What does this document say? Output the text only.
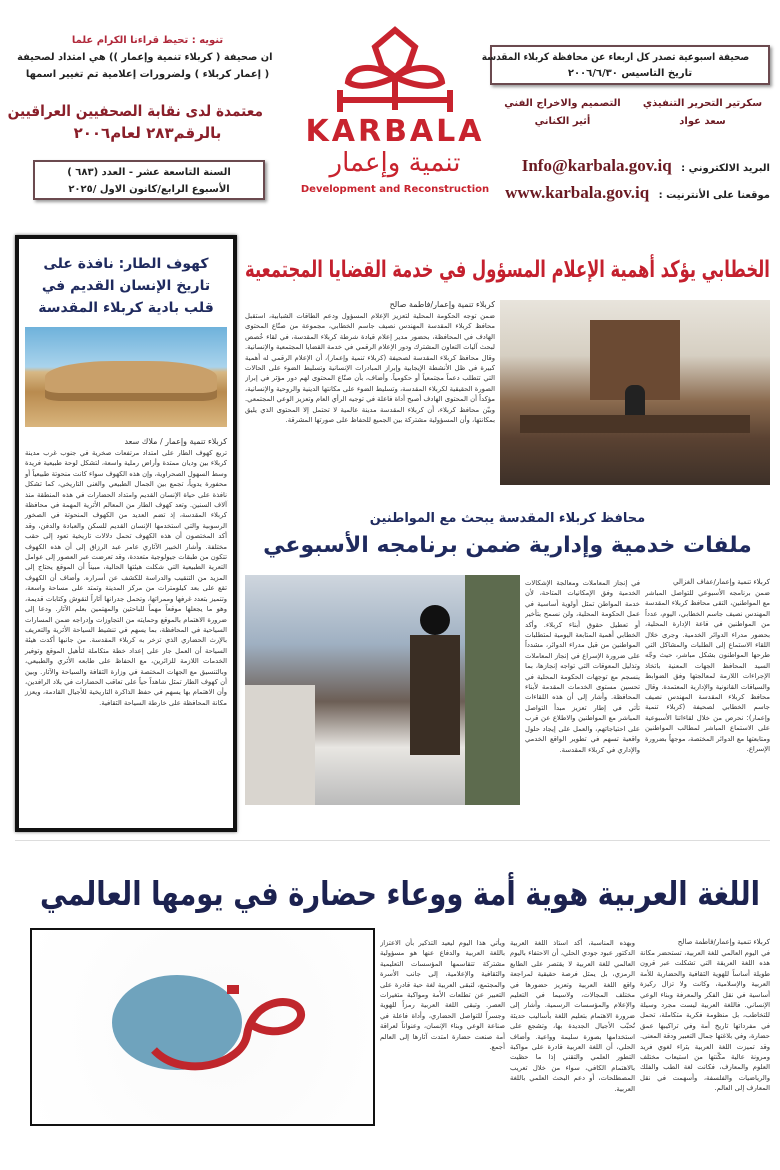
تنويه : تحيط قراءنا الكرام علما
ان صحيفة ( كربلاء تنمية وإعمار )) هي امتداد لصحيفة
( إعمار كربلاء ) ولضرورات إعلامية تم تغيير اسمها
معتمدة لدى نقابة الصحفيين العراقيين
بالرقم٢٨٣ لعام٢٠٠٦
السنة التاسعة عشر - العدد (٦٨٣ )
الأسبوع الرابع/كانون الاول /٢٠٢٥
KARBALA
تنمية وإعمار
Development and Reconstruction
صحيفة اسبوعية تصدر كل اربعاء عن محافظة كربلاء المقدسة
تاريخ التاسيس ٢٠٠٦/٦/٣٠
سكرتير التحرير التنفيذي
سعد عواد
التصميم والاخراج الفني
أثير الكناني
البريد الالكتروني : Info@karbala.gov.iq
موقعنا على الأنترنيت : www.karbala.gov.iq
كهوف الطار: نافذة على تاريخ الإنسان القديم في قلب بادية كربلاء المقدسة
كربلاء تنمية وإعمار / ملاك سعد
تربع كهوف الطار على امتداد مرتفعات صخرية في جنوب غرب مدينة كربلاء بين وديان ممتدة وأراض رملية واسعة، لتشكل لوحة طبيعية فريدة وسط السهول الصحراوية، وإن هذه الكهوف سواء كانت منحوتة طبيعياً أو محفورة يدوياً، تجمع بين الجمال الطبيعي والغنى التاريخي، كما تشكل نافذة على حياة الإنسان القديم وامتداد الحضارات في هذه المنطقة منذ آلاف السنين. وتعد كهوف الطار من المعالم الأثرية المهمة في محافظة كربلاء المقدسة، إذ تضم العديد من الكهوف المنحوتة في الصخور الرسوبية والتي استخدمها الإنسان القديم للسكن والعبادة والدفن، وقد أكد المختصون أن هذه الكهوف تحمل دلالات تاريخية تعود إلى حقب مختلفة. وأشار الخبير الآثاري عامر عبد الرزاق إلى أن هذه الكهوف تتكون من طبقات جيولوجية متعددة، وقد تعرضت عبر العصور إلى عوامل التعرية الطبيعية التي شكلت هيئتها الحالية، مبيناً أن الموقع يحتاج إلى المزيد من التنقيب والدراسة للكشف عن أسراره. وأضاف أن الكهوف تقع على بعد كيلومترات من مركز المدينة وتمتد على مساحة واسعة، وتتميز بتعدد غرفها وممراتها، وتحمل جدرانها آثاراً لنقوش وكتابات قديمة، وهو ما يجعلها موقعاً مهماً للباحثين والمهتمين بعلم الآثار. ودعا إلى ضرورة الاهتمام بالموقع وحمايته من التجاوزات وإدراجه ضمن المسارات السياحية في المحافظة، بما يسهم في تنشيط السياحة الأثرية والتعريف بالإرث الحضاري الذي تزخر به كربلاء المقدسة. من جانبها أكدت هيئة السياحة أن العمل جار على إعداد خطة متكاملة لتأهيل الموقع وتوفير الخدمات اللازمة للزائرين، مع الحفاظ على طابعه الأثري والطبيعي، وبالتنسيق مع الجهات المختصة في وزارة الثقافة والسياحة والآثار. وبين أن كهوف الطار تمثل شاهداً حياً على تعاقب الحضارات في بلاد الرافدين، وأن الاهتمام بها يسهم في حفظ الذاكرة التاريخية للأجيال القادمة، ويعزز مكانة المحافظة على خارطة السياحة الثقافية.
الخطابي يؤكد أهمية الإعلام المسؤول في خدمة القضايا المجتمعية
كربلاء تنمية وإعمار/فاطمة صالح
ضمن توجه الحكومة المحلية لتعزيز الإعلام المسؤول ودعم الطاقات الشبابية، استقبل محافظ كربلاء المقدسة المهندس نصيف جاسم الخطابي، مجموعة من صنّاع المحتوى الهادف في المحافظة، بحضور مدير إعلام قيادة شرطة كربلاء المقدسة، في لقاء خُصص لبحث آليات التعاون المشترك ودور الإعلام الرقمي في خدمة القضايا المجتمعية والإنسانية. وقال محافظ كربلاء المقدسة لصحيفة (كربلاء تنمية وإعمار)، أن الإعلام الرقمي له أهمية كبيرة في ظل الأنشطة الإيجابية وإبراز المبادرات الإنسانية وتسليط الضوء على الحالات التي تتطلب دعماً مجتمعياً أو حكومياً. وأضاف، بأن صنّاع المحتوى لهم دور مؤثر في إبراز الصورة الحقيقية لكربلاء المقدسة، وتسليط الضوء على مكانتها الدينية والروحية والإنسانية، مؤكداً أن المحتوى الهادف أصبح أداة فاعلة في توجيه الرأي العام وتعزيز الوعي المجتمعي. وبيّن محافظ كربلاء، أن كربلاء المقدسة مدينة عالمية لا تحتمل إلا المحتوى الذي يليق بمكانتها، وأن المسؤولية مشتركة بين الجميع للحفاظ على صورتها المشرقة.
محافظ كربلاء المقدسة يبحث مع المواطنين
ملفات خدمية وإدارية ضمن برنامجه الأسبوعي
كربلاء تنمية وإعمار/عفاف الغزالي
ضمن برنامجه الأسبوعي للتواصل المباشر مع المواطنين، التقى محافظ كربلاء المقدسة المهندس نصيف جاسم الخطابي، اليوم، عدداً من المواطنين في قاعة الإدارة المحلية، بحضور مدراء الدوائر الخدمية. وجرى خلال اللقاء الاستماع إلى الطلبات والمشاكل التي طرحها المواطنون بشكل مباشر، حيث وجّه السيد المحافظ الجهات المعنية باتخاذ الإجراءات اللازمة لمعالجتها وفق الضوابط والسياقات القانونية والإدارية المعتمدة. وقال محافظ كربلاء المقدسة المهندس نصيف جاسم الخطابي لصحيفة (كربلاء تنمية وإعمار): نحرص من خلال لقاءاتنا الأسبوعية على الاستماع المباشر لمطالب المواطنين ومتابعتها مع الدوائر المختصة، موجهاً بضرورة الإسراع.
في إنجاز المعاملات ومعالجة الإشكالات الخدمية وفق الإمكانيات المتاحة، لأن خدمة المواطن تمثل أولوية أساسية في عمل الحكومة المحلية، ولن نسمح بتأخير أو تعطيل حقوق أبناء كربلاء. وأكد الخطابي أهمية المتابعة اليومية لمتطلبات المواطنين من قبل مدراء الدوائر، مشدداً على ضرورة الإسراع في إنجاز المعاملات وتذليل المعوقات التي تواجه إنجازها، بما ينسجم مع توجهات الحكومة المحلية في تحسين مستوى الخدمات المقدمة لأبناء المحافظة. وأشار إلى أن هذه اللقاءات تأتي في إطار تعزيز مبدأ التواصل المباشر مع المواطنين والاطلاع عن قرب على احتياجاتهم، والعمل على إيجاد حلول واقعية تسهم في تطوير الواقع الخدمي والإداري في كربلاء المقدسة.
اللغة العربية هوية أمة ووعاء حضارة في يومها العالمي
كربلاء تنمية وإعمار/فاطمة صالح
في اليوم العالمي للغة العربية، تستحضر مكانة هذه اللغة العريقة التي تشكلت عبر قرون طويلة أساساً للهوية الثقافية والحضارية للأمة العربية والإسلامية، وكانت ولا تزال ركيزة أساسية في نقل الفكر والمعرفة وبناء الوعي الإنساني. فاللغة العربية ليست مجرد وسيلة للتخاطب، بل منظومة فكرية متكاملة، تحمل في مفرداتها تاريخ أمة وفي تراكيبها عمق حضارة، وفي بلاغتها جمال التعبير ودقة المعنى. وقد تميزت اللغة العربية بثراء لغوي فريد ومرونة عالية مكّنتها من استيعاب مختلف العلوم والمعارف، فكانت لغة الطب والفلك والرياضيات والفلسفة، وأسهمت في نقل المعارف إلى العالم.
وبهذه المناسبة، أكد استاذ اللغة العربية الدكتور عبود جودي الحلي، أن الاحتفاء باليوم العالمي للغة العربية لا يقتصر على الطابع الرمزي، بل يمثل فرصة حقيقية لمراجعة واقع اللغة العربية وتعزيز حضورها في مختلف المجالات، ولاسيما في التعليم والإعلام والمؤسسات الرسمية. وأشار إلى ضرورة الاهتمام بتعليم اللغة بأساليب حديثة تُحبّب الأجيال الجديدة بها، وتشجع على استخدامها بصورة سليمة وواعية. وأضاف الحلي، أن اللغة العربية قادرة على مواكبة التطور العلمي والتقني إذا ما حظيت بالاهتمام الكافي، سواء من خلال تعريب المصطلحات، أو دعم البحث العلمي باللغة العربية.
ويأتي هذا اليوم ليعيد التذكير بأن الاعتزاز باللغة العربية والدفاع عنها هو مسؤولية مشتركة تتقاسمها المؤسسات التعليمية والثقافية والإعلامية، إلى جانب الأسرة والمجتمع، لتبقى العربية لغة حية قادرة على التعبير عن تطلعات الأمة ومواكبة متغيرات العصر. وتبقى اللغة العربية رمزاً للهوية وجسراً للتواصل الحضاري، وأداة فاعلة في صناعة الوعي وبناء الإنسان، وعنواناً لعراقة أمة صنعت حضارة امتدت آثارها إلى العالم أجمع.
